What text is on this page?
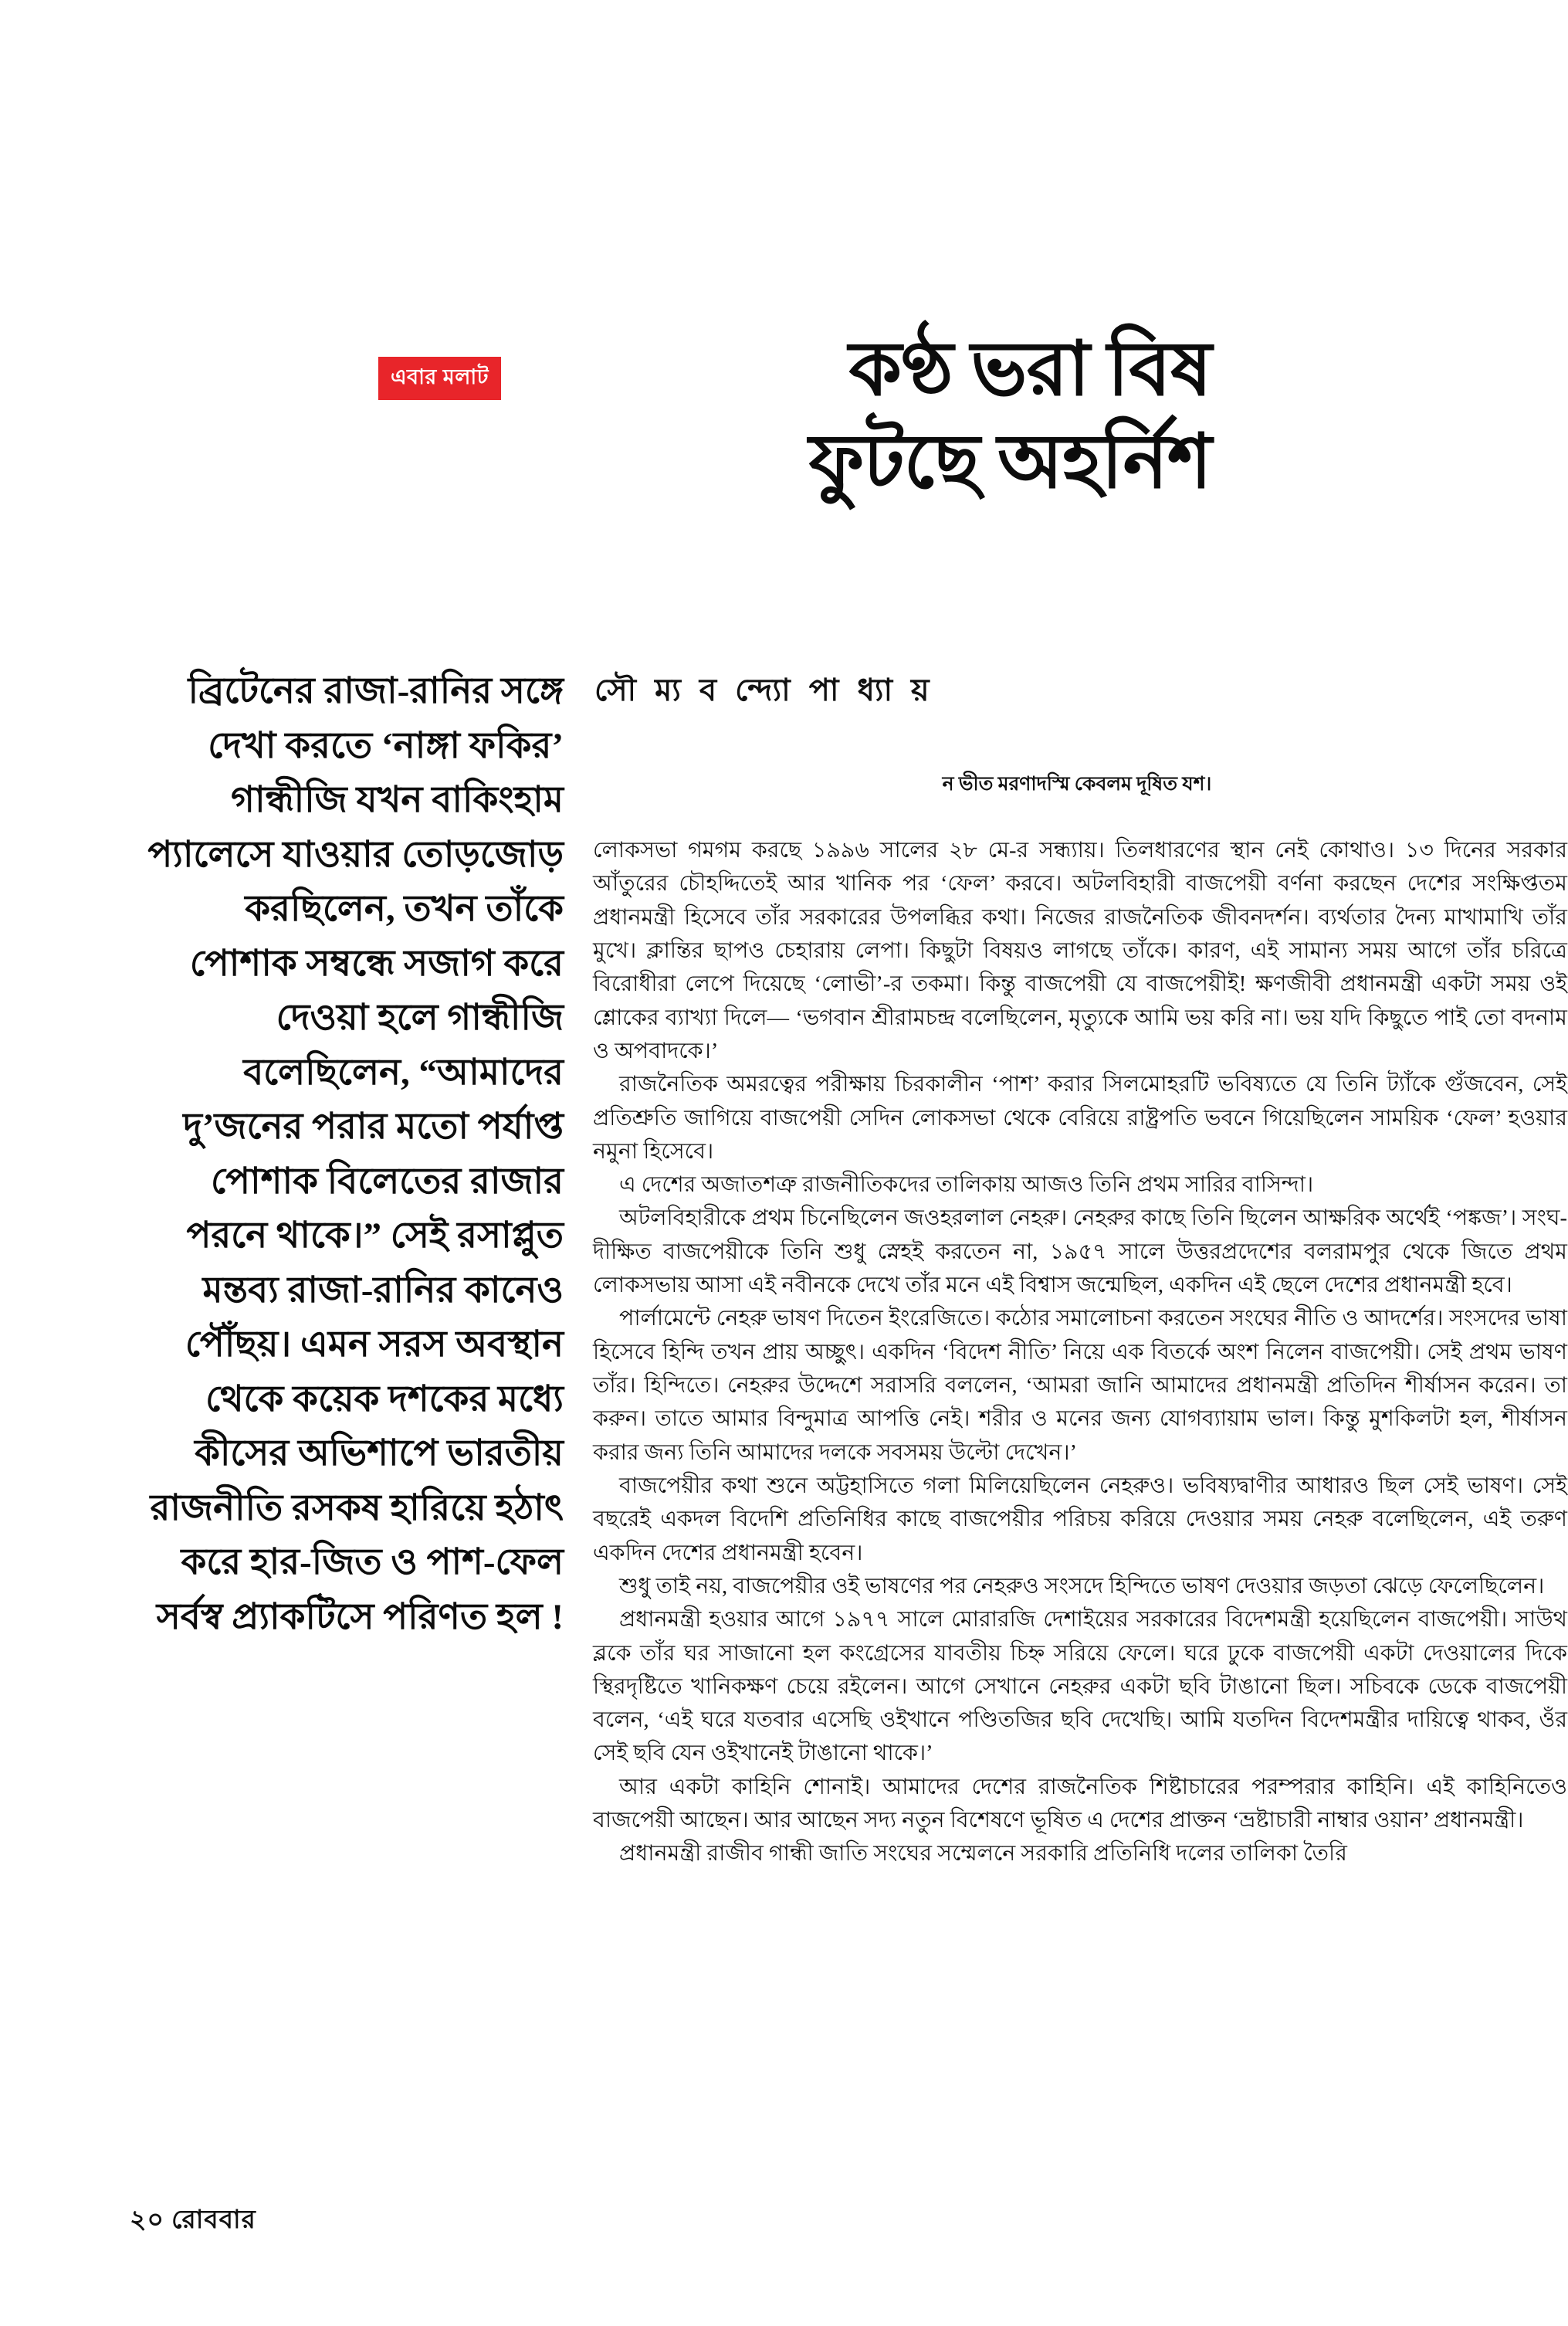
এবার মলাট	কণ্ঠ ভরা বিষ
ফুটছে অহর্নিশ
সৌ ম্য ব ন্দ্যো পা ধ্যা য়
ব্রিটেনের রাজা-রানির সঙ্গে দেখা করতে ‘নাঙ্গা ফকির’ গান্ধীজি যখন বাকিংহাম প্যালেসে যাওয়ার তোড়জোড় করছিলেন, তখন তাঁকে পোশাক সম্বন্ধে সজাগ করে দেওয়া হলে গান্ধীজি বলেছিলেন, “আমাদের দু’জনের পরার মতো পর্যাপ্ত পোশাক বিলেতের রাজার পরনে থাকে।” সেই রসাপ্লুত মন্তব্য রাজা-রানির কানেও পৌঁছয়। এমন সরস অবস্থান থেকে কয়েক দশকের মধ্যে কীসের অভিশাপে ভারতীয় রাজনীতি রসকষ হারিয়ে হঠাৎ করে হার-জিত ও পাশ-ফেল সর্বস্ব প্র্যাকটিসে পরিণত হল !
ন ভীত মরণাদস্মি কেবলম দূষিত যশ।

লোকসভা গমগম করছে ১৯৯৬ সালের ২৮ মে-র সন্ধ্যায়। তিলধারণের স্থান নেই কোথাও। ১৩ দিনের সরকার আঁতুরের চৌহদ্দিতেই আর খানিক পর ‘ফেল’ করবে। অটলবিহারী বাজপেয়ী বর্ণনা করছেন দেশের সংক্ষিপ্ততম প্রধানমন্ত্রী হিসেবে তাঁর সরকারের উপলব্ধির কথা। নিজের রাজনৈতিক জীবনদর্শন। ব্যর্থতার দৈন্য মাখামাখি তাঁর মুখে। ক্লান্তির ছাপও চেহারায় লেপা। কিছুটা বিষয়ও লাগছে তাঁকে। কারণ, এই সামান্য সময় আগে তাঁর চরিত্রে বিরোধীরা লেপে দিয়েছে ‘লোভী’-র তকমা। কিন্তু বাজপেয়ী যে বাজপেয়ীই! ক্ষণজীবী প্রধানমন্ত্রী একটা সময় ওই শ্লোকের ব্যাখ্যা দিলে— ‘ভগবান শ্রীরামচন্দ্র বলেছিলেন, মৃত্যুকে আমি ভয় করি না। ভয় যদি কিছুতে পাই তো বদনাম ও অপবাদকে।’

রাজনৈতিক অমরত্বের পরীক্ষায় চিরকালীন ‘পাশ’ করার সিলমোহরটি ভবিষ্যতে যে তিনি ট্যাঁকে গুঁজবেন, সেই প্রতিশ্রুতি জাগিয়ে বাজপেয়ী সেদিন লোকসভা থেকে বেরিয়ে রাষ্ট্রপতি ভবনে গিয়েছিলেন সাময়িক ‘ফেল’ হওয়ার নমুনা হিসেবে।

এ দেশের অজাতশত্রু রাজনীতিকদের তালিকায় আজও তিনি প্রথম সারির বাসিন্দা।

অটলবিহারীকে প্রথম চিনেছিলেন জওহরলাল নেহরু। নেহরুর কাছে তিনি ছিলেন আক্ষরিক অর্থেই ‘পঙ্কজ’। সংঘ-দীক্ষিত বাজপেয়ীকে তিনি শুধু স্নেহই করতেন না, ১৯৫৭ সালে উত্তরপ্রদেশের বলরামপুর থেকে জিতে প্রথম লোকসভায় আসা এই নবীনকে দেখে তাঁর মনে এই বিশ্বাস জন্মেছিল, একদিন এই ছেলে দেশের প্রধানমন্ত্রী হবে।

পার্লামেন্টে নেহরু ভাষণ দিতেন ইংরেজিতে। কঠোর সমালোচনা করতেন সংঘের নীতি ও আদর্শের। সংসদের ভাষা হিসেবে হিন্দি তখন প্রায় অচ্ছুৎ। একদিন ‘বিদেশ নীতি’ নিয়ে এক বিতর্কে অংশ নিলেন বাজপেয়ী। সেই প্রথম ভাষণ তাঁর। হিন্দিতে। নেহরুর উদ্দেশে সরাসরি বললেন, ‘আমরা জানি আমাদের প্রধানমন্ত্রী প্রতিদিন শীর্ষাসন করেন। তা করুন। তাতে আমার বিন্দুমাত্র আপত্তি নেই। শরীর ও মনের জন্য যোগব্যায়াম ভাল। কিন্তু মুশকিলটা হল, শীর্ষাসন করার জন্য তিনি আমাদের দলকে সবসময় উল্টো দেখেন।’

বাজপেয়ীর কথা শুনে অট্টহাসিতে গলা মিলিয়েছিলেন নেহরুও। ভবিষ্যদ্বাণীর আধারও ছিল সেই ভাষণ। সেই বছরেই একদল বিদেশি প্রতিনিধির কাছে বাজপেয়ীর পরিচয় করিয়ে দেওয়ার সময় নেহরু বলেছিলেন, এই তরুণ একদিন দেশের প্রধানমন্ত্রী হবেন।

শুধু তাই নয়, বাজপেয়ীর ওই ভাষণের পর নেহরুও সংসদে হিন্দিতে ভাষণ দেওয়ার জড়তা ঝেড়ে ফেলেছিলেন।

প্রধানমন্ত্রী হওয়ার আগে ১৯৭৭ সালে মোরারজি দেশাইয়ের সরকারের বিদেশমন্ত্রী হয়েছিলেন বাজপেয়ী। সাউথ ব্লকে তাঁর ঘর সাজানো হল কংগ্রেসের যাবতীয় চিহ্ন সরিয়ে ফেলে। ঘরে ঢুকে বাজপেয়ী একটা দেওয়ালের দিকে স্থিরদৃষ্টিতে খানিকক্ষণ চেয়ে রইলেন। আগে সেখানে নেহরুর একটা ছবি টাঙানো ছিল। সচিবকে ডেকে বাজপেয়ী বলেন, ‘এই ঘরে যতবার এসেছি ওইখানে পণ্ডিতজির ছবি দেখেছি। আমি যতদিন বিদেশমন্ত্রীর দায়িত্বে থাকব, ওঁর সেই ছবি যেন ওইখানেই টাঙানো থাকে।’

আর একটা কাহিনি শোনাই। আমাদের দেশের রাজনৈতিক শিষ্টাচারের পরম্পরার কাহিনি। এই কাহিনিতেও বাজপেয়ী আছেন। আর আছেন সদ্য নতুন বিশেষণে ভূষিত এ দেশের প্রাক্তন ‘ভ্রষ্টাচারী নাম্বার ওয়ান’ প্রধানমন্ত্রী।

প্রধানমন্ত্রী রাজীব গান্ধী জাতি সংঘের সম্মেলনে সরকারি প্রতিনিধি দলের তালিকা তৈরি

২০ রোববার
